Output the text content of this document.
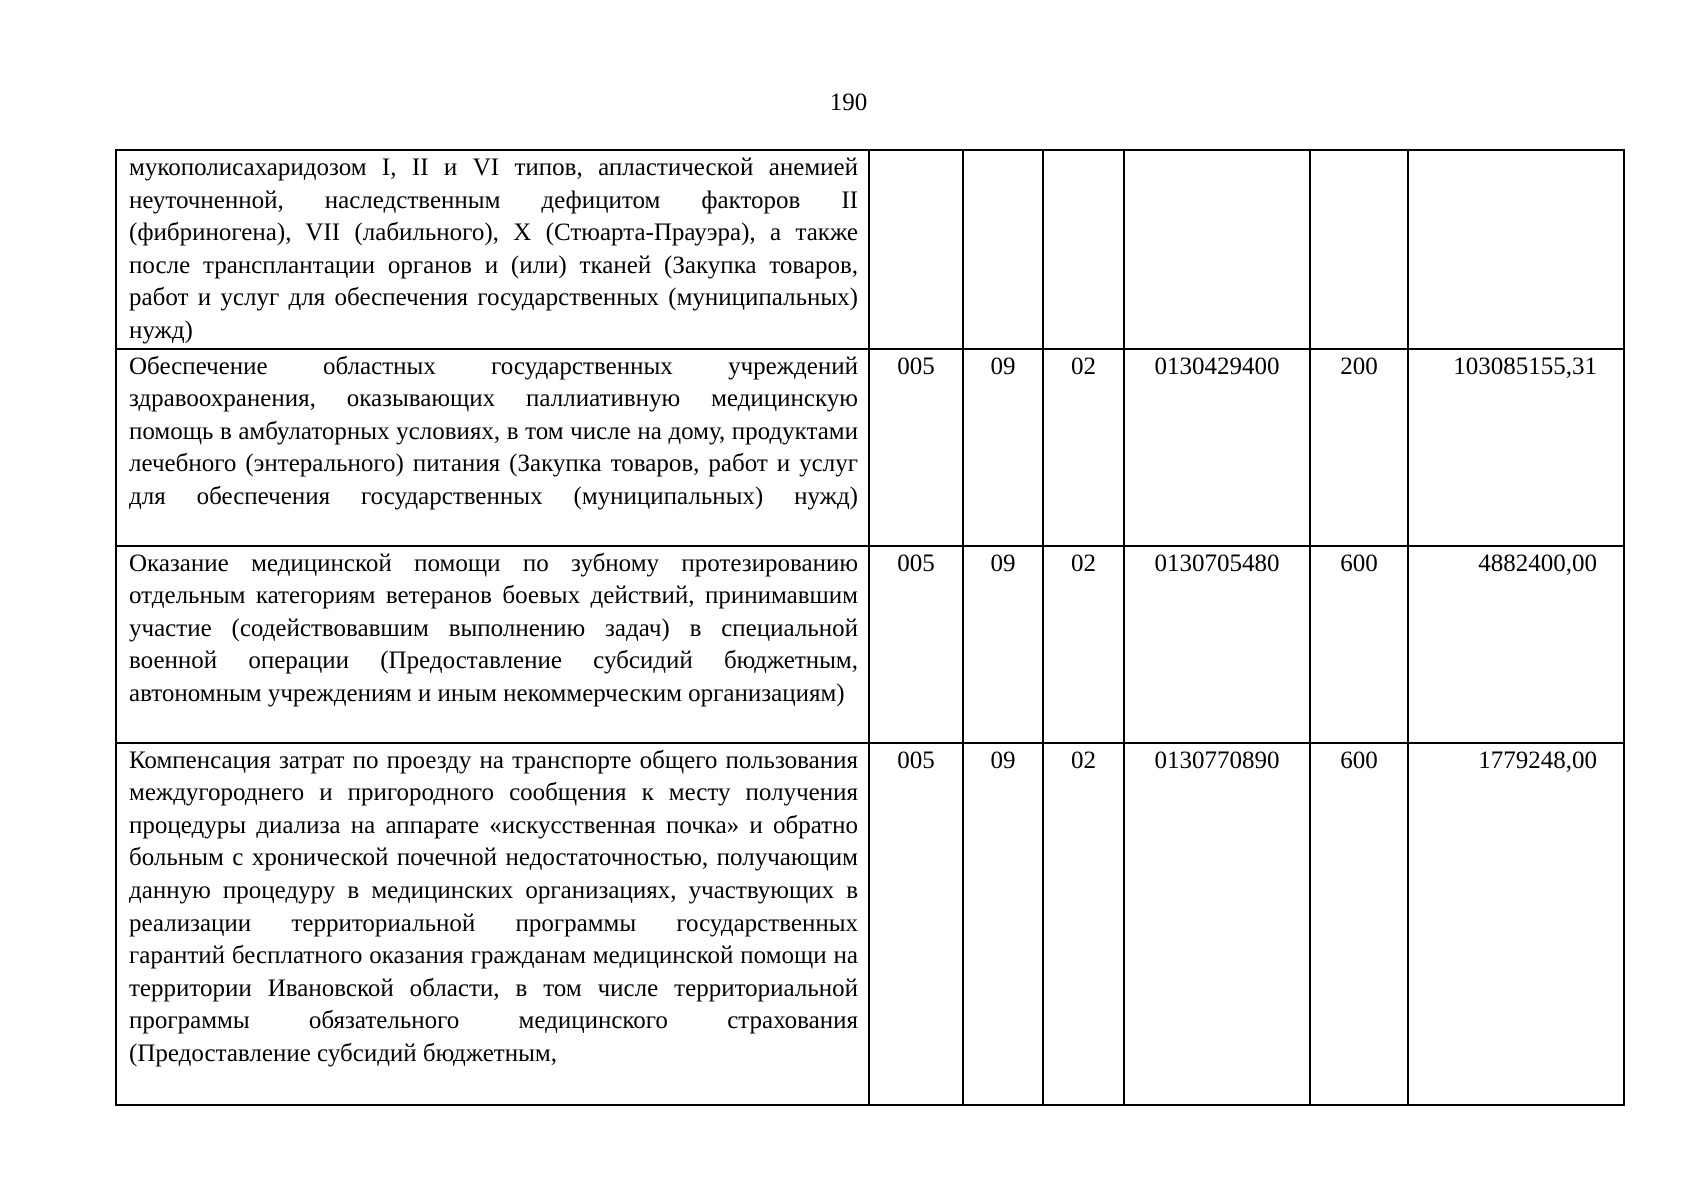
190
мукополисахаридозом I, II и VI типов, апластической анемией неуточненной, наследственным дефицитом факторов II (фибриногена), VII (лабильного), X (Стюарта-Прауэра), а также после трансплантации органов и (или) тканей (Закупка товаров, работ и услуг для обеспечения государственных (муниципальных) нужд)						
Обеспечение областных государственных учреждений здравоохранения, оказывающих паллиативную медицинскую помощь в амбулаторных условиях, в том числе на дому, продуктами лечебного (энтерального) питания (Закупка товаров, работ и услуг для обеспечения государственных (муниципальных) нужд)	005	09	02	0130429400	200	103085155,31
Оказание медицинской помощи по зубному протезированию отдельным категориям ветеранов боевых действий, принимавшим участие (содействовавшим выполнению задач) в специальной военной операции (Предоставление субсидий бюджетным, автономным учреждениям и иным некоммерческим организациям)	005	09	02	0130705480	600	4882400,00
Компенсация затрат по проезду на транспорте общего пользования междугороднего и пригородного сообщения к месту получения процедуры диализа на аппарате «искусственная почка» и обратно больным с хронической почечной недостаточностью, получающим данную процедуру в медицинских организациях, участвующих в реализации территориальной программы государственных гарантий бесплатного оказания гражданам медицинской помощи на территории Ивановской области, в том числе территориальной программы обязательного медицинского страхования (Предоставление субсидий бюджетным,	005	09	02	0130770890	600	1779248,00
